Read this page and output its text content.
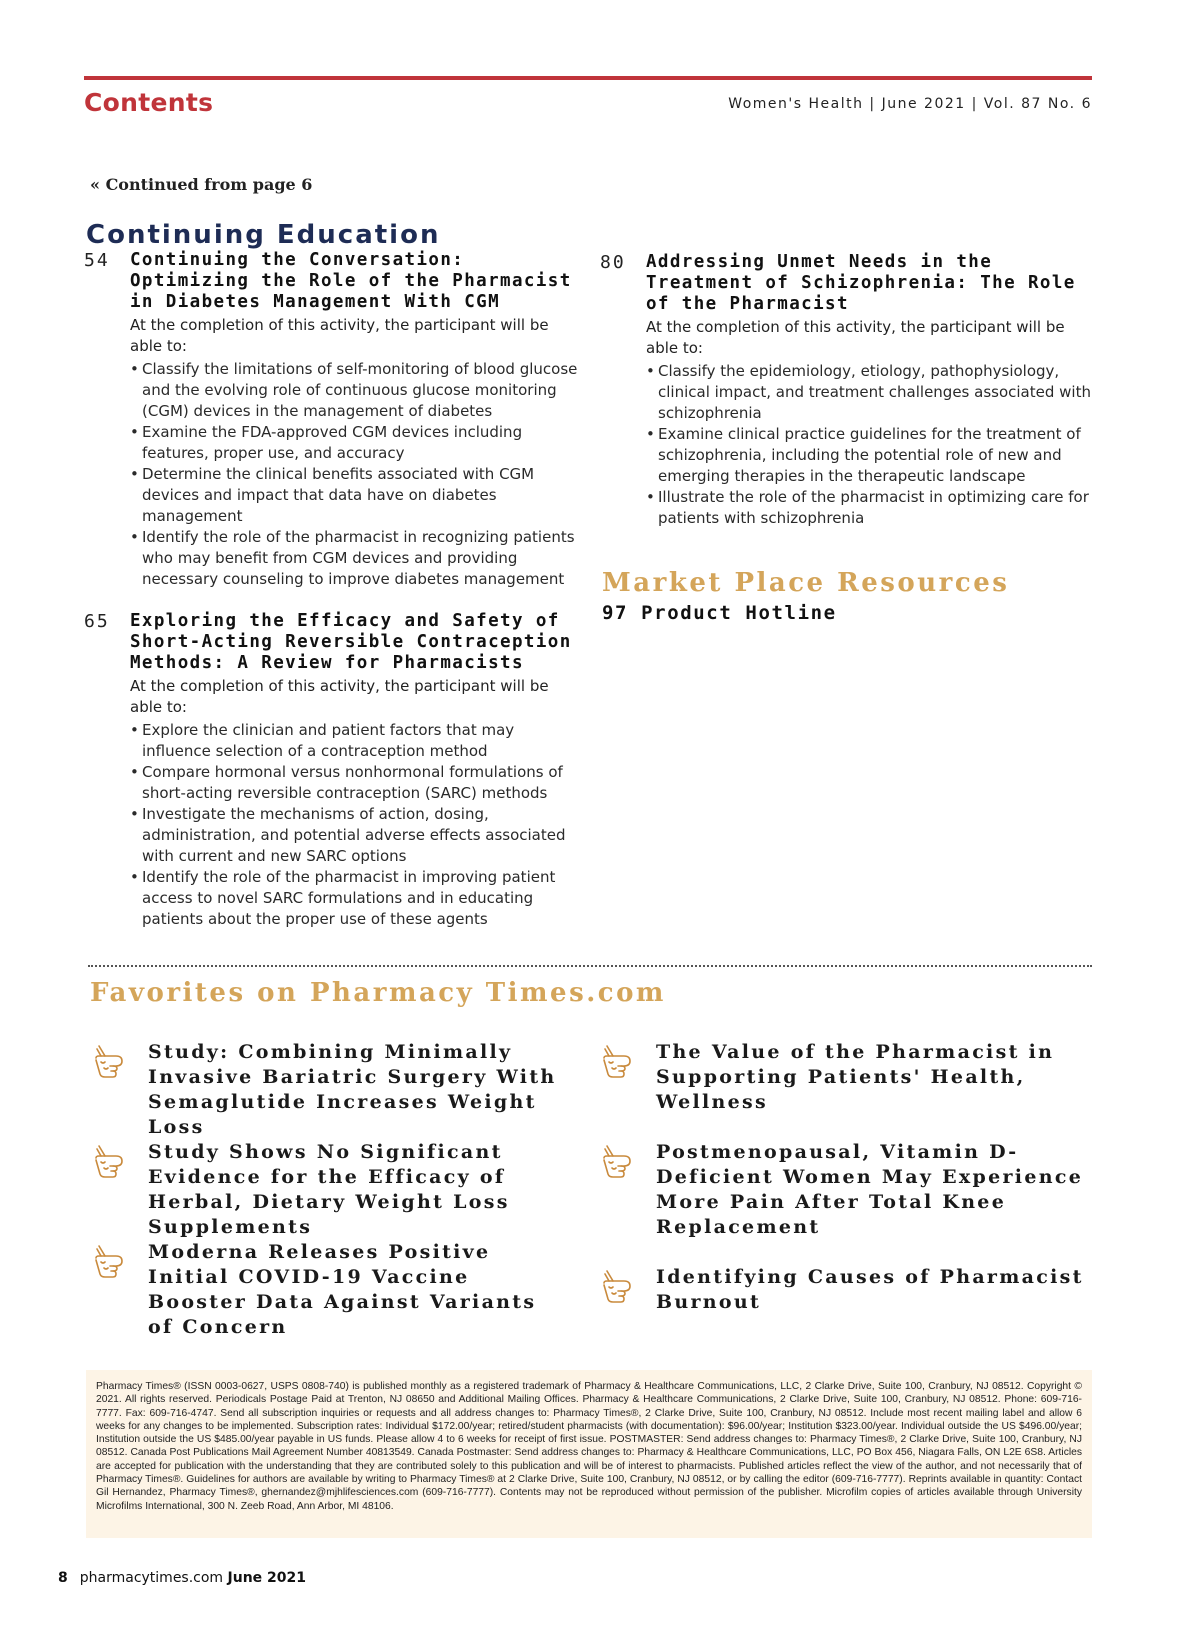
Contents	Women's Health | June 2021 | Vol. 87 No. 6
« Continued from page 6
Continuing Education
54 Continuing the Conversation: Optimizing the Role of the Pharmacist in Diabetes Management With CGM
At the completion of this activity, the participant will be able to:
• Classify the limitations of self-monitoring of blood glucose and the evolving role of continuous glucose monitoring (CGM) devices in the management of diabetes
• Examine the FDA-approved CGM devices including features, proper use, and accuracy
• Determine the clinical benefits associated with CGM devices and impact that data have on diabetes management
• Identify the role of the pharmacist in recognizing patients who may benefit from CGM devices and providing necessary counseling to improve diabetes management
65 Exploring the Efficacy and Safety of Short-Acting Reversible Contraception Methods: A Review for Pharmacists
At the completion of this activity, the participant will be able to:
• Explore the clinician and patient factors that may influence selection of a contraception method
• Compare hormonal versus nonhormonal formulations of short-acting reversible contraception (SARC) methods
• Investigate the mechanisms of action, dosing, administration, and potential adverse effects associated with current and new SARC options
• Identify the role of the pharmacist in improving patient access to novel SARC formulations and in educating patients about the proper use of these agents
80 Addressing Unmet Needs in the Treatment of Schizophrenia: The Role of the Pharmacist
At the completion of this activity, the participant will be able to:
• Classify the epidemiology, etiology, pathophysiology, clinical impact, and treatment challenges associated with schizophrenia
• Examine clinical practice guidelines for the treatment of schizophrenia, including the potential role of new and emerging therapies in the therapeutic landscape
• Illustrate the role of the pharmacist in optimizing care for patients with schizophrenia
Market Place Resources
97 Product Hotline
Favorites on Pharmacy Times.com
Study: Combining Minimally Invasive Bariatric Surgery With Semaglutide Increases Weight Loss
The Value of the Pharmacist in Supporting Patients' Health, Wellness
Study Shows No Significant Evidence for the Efficacy of Herbal, Dietary Weight Loss Supplements
Postmenopausal, Vitamin D-Deficient Women May Experience More Pain After Total Knee Replacement
Moderna Releases Positive Initial COVID-19 Vaccine Booster Data Against Variants of Concern
Identifying Causes of Pharmacist Burnout
Pharmacy Times® (ISSN 0003-0627, USPS 0808-740) is published monthly as a registered trademark of Pharmacy & Healthcare Communications, LLC, 2 Clarke Drive, Suite 100, Cranbury, NJ 08512. Copyright © 2021. All rights reserved. Periodicals Postage Paid at Trenton, NJ 08650 and Additional Mailing Offices. Pharmacy & Healthcare Communications, 2 Clarke Drive, Suite 100, Cranbury, NJ 08512. Phone: 609-716-7777. Fax: 609-716-4747. Send all subscription inquiries or requests and all address changes to: Pharmacy Times®, 2 Clarke Drive, Suite 100, Cranbury, NJ 08512. Include most recent mailing label and allow 6 weeks for any changes to be implemented. Subscription rates: Individual $172.00/year; retired/student pharmacists (with documentation): $96.00/year; Institution $323.00/year. Individual outside the US $496.00/year; Institution outside the US $485.00/year payable in US funds. Please allow 4 to 6 weeks for receipt of first issue. POSTMASTER: Send address changes to: Pharmacy Times®, 2 Clarke Drive, Suite 100, Cranbury, NJ 08512. Canada Post Publications Mail Agreement Number 40813549. Canada Postmaster: Send address changes to: Pharmacy & Healthcare Communications, LLC, PO Box 456, Niagara Falls, ON L2E 6S8. Articles are accepted for publication with the understanding that they are contributed solely to this publication and will be of interest to pharmacists. Published articles reflect the view of the author, and not necessarily that of Pharmacy Times®. Guidelines for authors are available by writing to Pharmacy Times® at 2 Clarke Drive, Suite 100, Cranbury, NJ 08512, or by calling the editor (609-716-7777). Reprints available in quantity: Contact Gil Hernandez, Pharmacy Times®, ghernandez@mjhlifesciences.com (609-716-7777). Contents may not be reproduced without permission of the publisher. Microfilm copies of articles available through University Microfilms International, 300 N. Zeeb Road, Ann Arbor, MI 48106.
8 pharmacytimes.com June 2021
